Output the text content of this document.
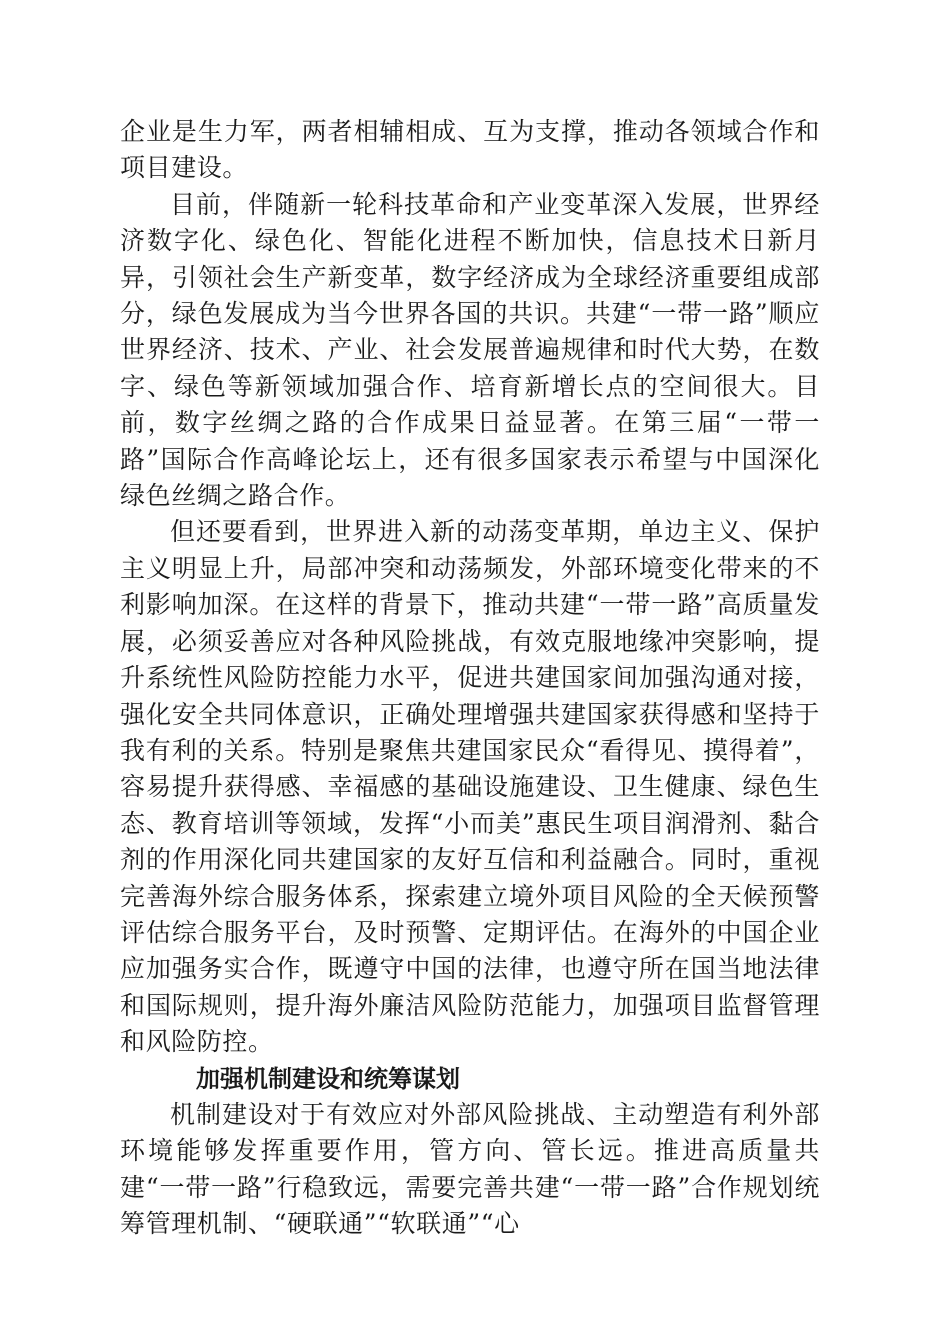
企业是生力军，两者相辅相成、互为支撑，推动各领域合作和项目建设。

目前，伴随新一轮科技革命和产业变革深入发展，世界经济数字化、绿色化、智能化进程不断加快，信息技术日新月异，引领社会生产新变革，数字经济成为全球经济重要组成部分，绿色发展成为当今世界各国的共识。共建“一带一路”顺应世界经济、技术、产业、社会发展普遍规律和时代大势，在数字、绿色等新领域加强合作、培育新增长点的空间很大。目前，数字丝绸之路的合作成果日益显著。在第三届“一带一路”国际合作高峰论坛上，还有很多国家表示希望与中国深化绿色丝绸之路合作。

但还要看到，世界进入新的动荡变革期，单边主义、保护主义明显上升，局部冲突和动荡频发，外部环境变化带来的不利影响加深。在这样的背景下，推动共建“一带一路”高质量发展，必须妥善应对各种风险挑战，有效克服地缘冲突影响，提升系统性风险防控能力水平，促进共建国家间加强沟通对接，强化安全共同体意识，正确处理增强共建国家获得感和坚持于我有利的关系。特别是聚焦共建国家民众“看得见、摸得着”，容易提升获得感、幸福感的基础设施建设、卫生健康、绿色生态、教育培训等领域，发挥“小而美”惠民生项目润滑剂、黏合剂的作用深化同共建国家的友好互信和利益融合。同时，重视完善海外综合服务体系，探索建立境外项目风险的全天候预警评估综合服务平台，及时预警、定期评估。在海外的中国企业应加强务实合作，既遵守中国的法律，也遵守所在国当地法律和国际规则，提升海外廉洁风险防范能力，加强项目监督管理和风险防控。

加强机制建设和统筹谋划

机制建设对于有效应对外部风险挑战、主动塑造有利外部环境能够发挥重要作用，管方向、管长远。推进高质量共建“一带一路”行稳致远，需要完善共建“一带一路”合作规划统筹管理机制、“硬联通”“软联通”“心
